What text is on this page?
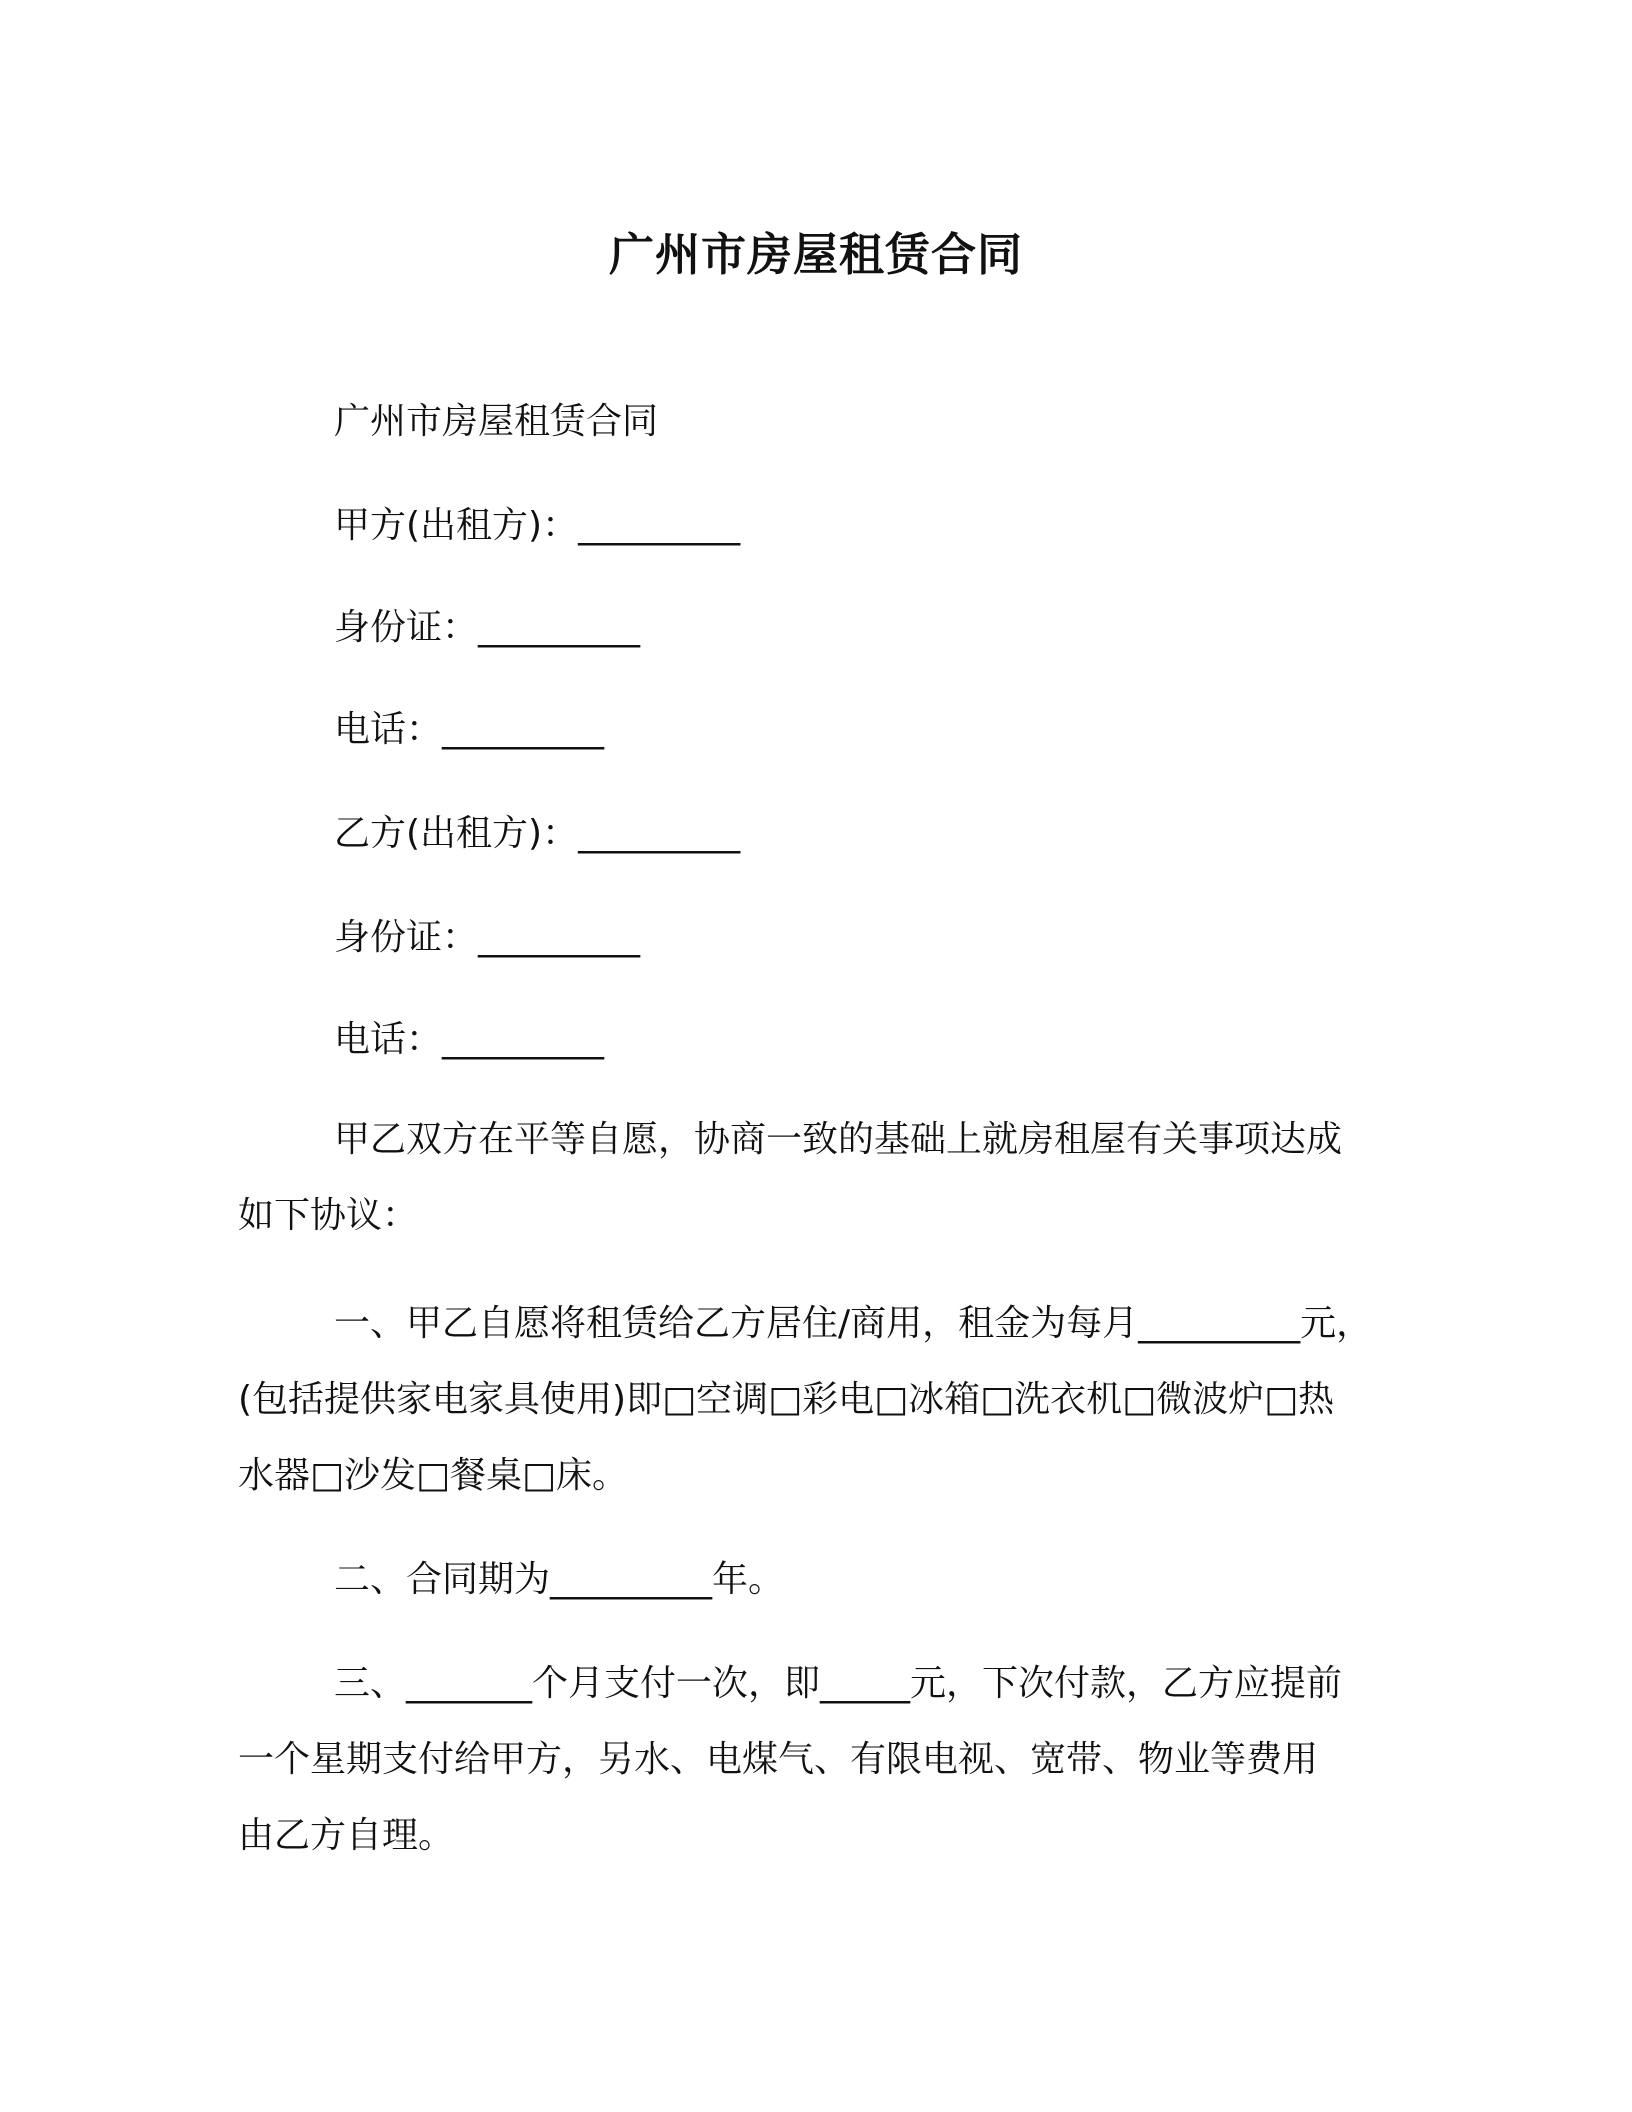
广州市房屋租赁合同

广州市房屋租赁合同

甲方(出租方)：_________

身份证：_________

电话：_________

乙方(出租方)：_________

身份证：_________

电话：_________

甲乙双方在平等自愿，协商一致的基础上就房租屋有关事项达成
如下协议：
一、甲乙自愿将租赁给乙方居住/商用，租金为每月_________元，
(包括提供家电家具使用)即□空调□彩电□冰箱□洗衣机□微波炉□热
水器□沙发□餐桌□床。
二、合同期为_________年。
三、_______个月支付一次，即_____元，下次付款，乙方应提前
一个星期支付给甲方，另水、电煤气、有限电视、宽带、物业等费用
由乙方自理。
